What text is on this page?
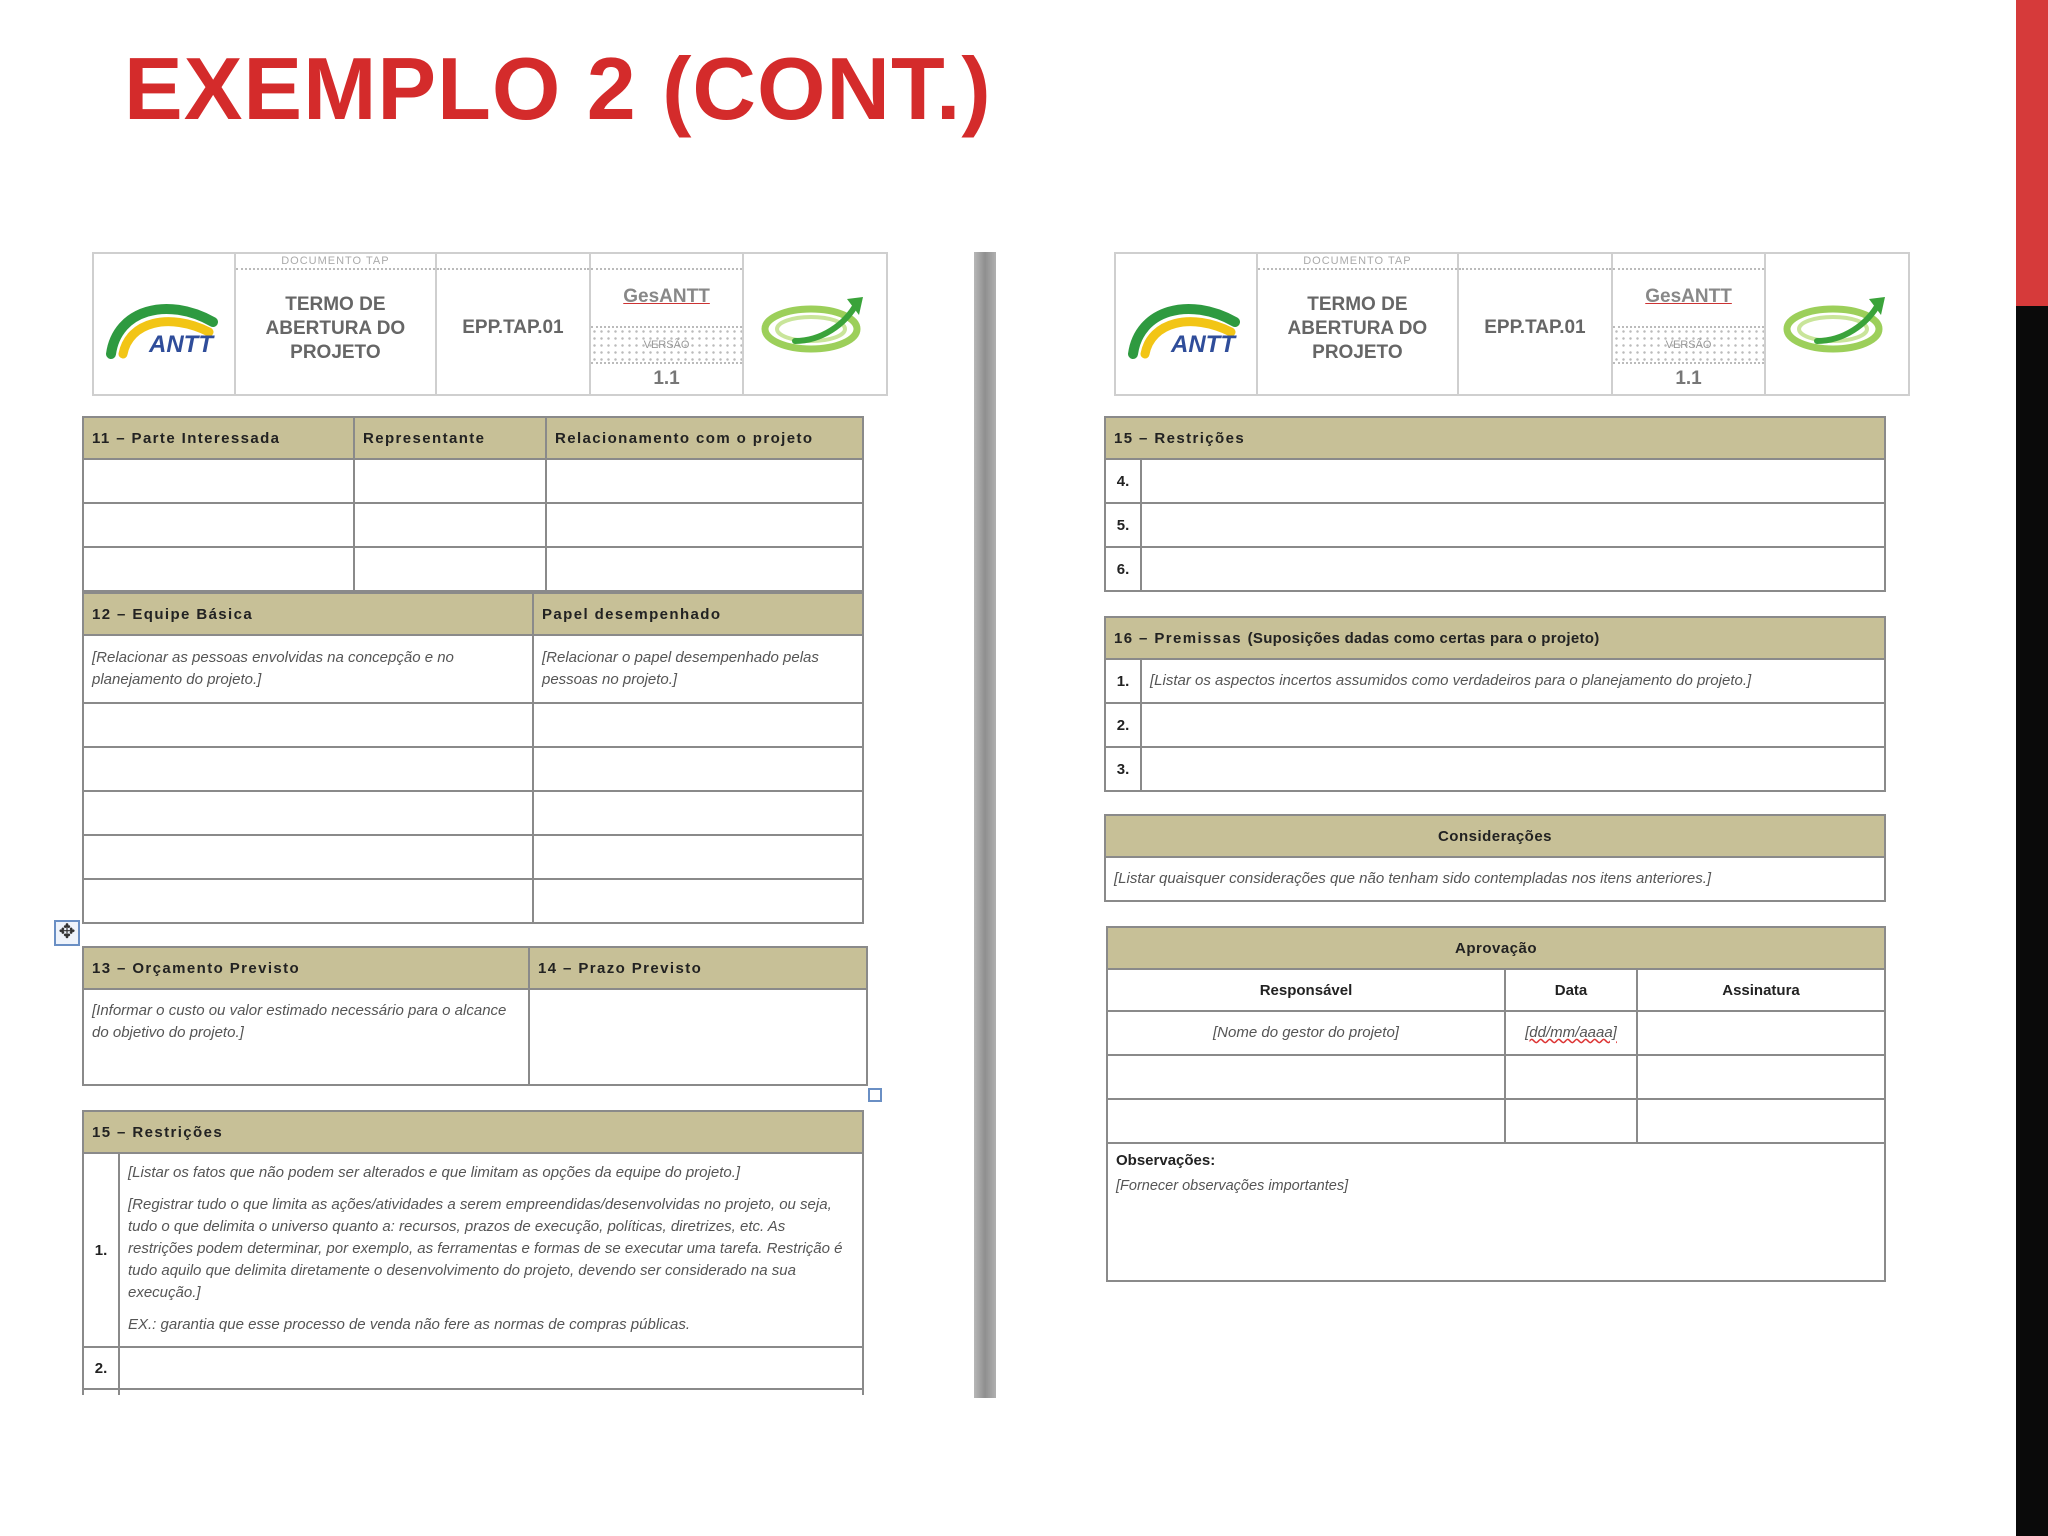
EXEMPLO 2 (CONT.)
ANTT
DOCUMENTO TAP
TERMO DE ABERTURA DO PROJETO
EPP.TAP.01
GesANTT
VERSÃO
1.1
ANTT
DOCUMENTO TAP
TERMO DE ABERTURA DO PROJETO
EPP.TAP.01
GesANTT
VERSÃO
1.1
11 – Parte Interessada	Representante	Relacionamento com o projeto

12 – Equipe Básica	Papel desempenhado
[Relacionar as pessoas envolvidas na concepção e no planejamento do projeto.]	[Relacionar o papel desempenhado pelas pessoas no projeto.]

✥
13 – Orçamento Previsto	14 – Prazo Previsto
[Informar o custo ou valor estimado necessário para o alcance do objetivo do projeto.]	
15 – Restrições	
1.	[Listar os fatos que não podem ser alterados e que limitam as opções da equipe do projeto.]

[Registrar tudo o que limita as ações/atividades a serem empreendidas/desenvolvidas no projeto, ou seja, tudo o que delimita o universo quanto a: recursos, prazos de execução, políticas, diretrizes, etc. As restrições podem determinar, por exemplo, as ferramentas e formas de se executar uma tarefa. Restrição é tudo aquilo que delimita diretamente o desenvolvimento do projeto, devendo ser considerado na sua execução.]

EX.: garantia que esse processo de venda não fere as normas de compras públicas.

2.	

15 – Restrições	
4.	
5.	
6.	
16 – Premissas (Suposições dadas como certas para o projeto)	
1.	[Listar os aspectos incertos assumidos como verdadeiros para o planejamento do projeto.]
2.	
3.	
Considerações
[Listar quaisquer considerações que não tenham sido contempladas nos itens anteriores.]
Aprovação		
Responsável	Data	Assinatura
[Nome do gestor do projeto]	[dd/mm/aaaa]	

Observações:
[Fornecer observações importantes]		
